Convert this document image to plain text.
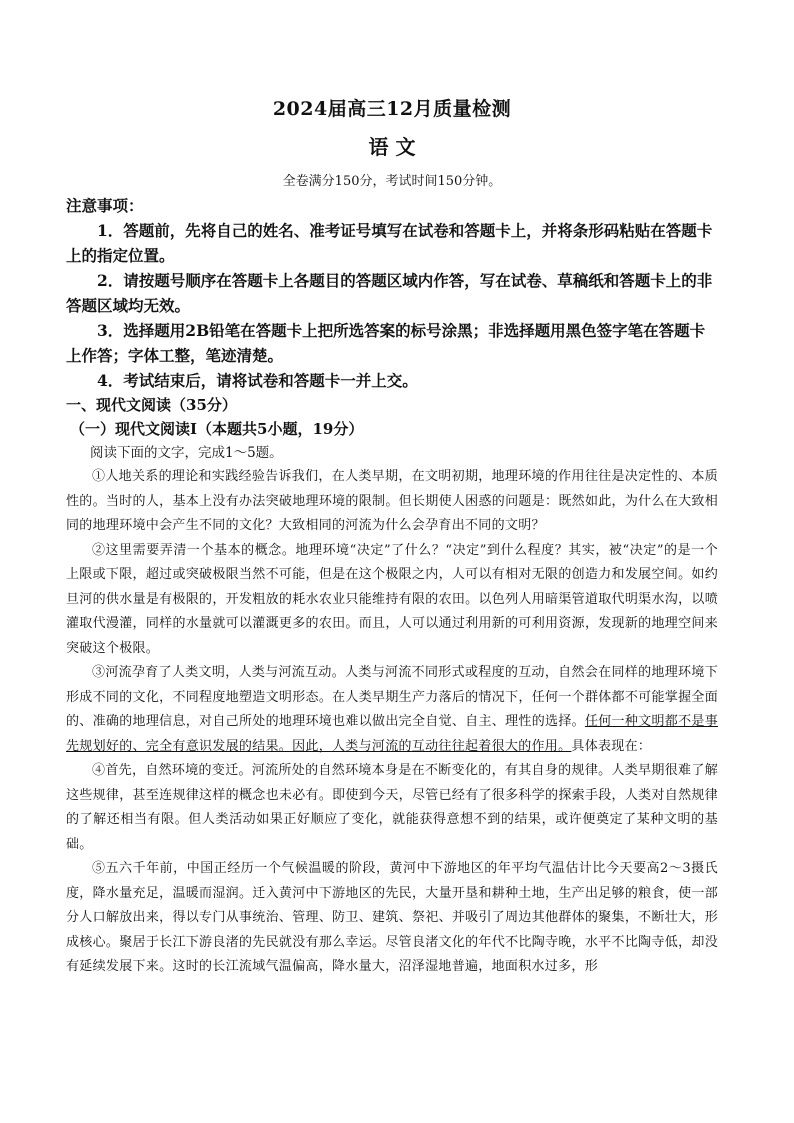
2024届高三12月质量检测
语 文
全卷满分150分，考试时间150分钟。

注意事项：

1．答题前，先将自己的姓名、准考证号填写在试卷和答题卡上，并将条形码粘贴在答题卡上的指定位置。

2．请按题号顺序在答题卡上各题目的答题区域内作答，写在试卷、草稿纸和答题卡上的非答题区域均无效。

3．选择题用2B铅笔在答题卡上把所选答案的标号涂黑；非选择题用黑色签字笔在答题卡上作答；字体工整，笔迹清楚。

4．考试结束后，请将试卷和答题卡一并上交。

一、现代文阅读（35分）

（一）现代文阅读Ⅰ（本题共5小题，19分）

阅读下面的文字，完成1～5题。

①人地关系的理论和实践经验告诉我们，在人类早期，在文明初期，地理环境的作用往往是决定性的、本质性的。当时的人，基本上没有办法突破地理环境的限制。但长期使人困惑的问题是：既然如此，为什么在大致相同的地理环境中会产生不同的文化？大致相同的河流为什么会孕育出不同的文明？

②这里需要弄清一个基本的概念。地理环境“决定”了什么？“决定”到什么程度？其实，被“决定”的是一个上限或下限，超过或突破极限当然不可能，但是在这个极限之内，人可以有相对无限的创造力和发展空间。如约旦河的供水量是有极限的，开发粗放的耗水农业只能维持有限的农田。以色列人用暗渠管道取代明渠水沟，以喷灌取代漫灌，同样的水量就可以灌溉更多的农田。而且，人可以通过利用新的可利用资源，发现新的地理空间来突破这个极限。

③河流孕育了人类文明，人类与河流互动。人类与河流不同形式或程度的互动，自然会在同样的地理环境下形成不同的文化，不同程度地塑造文明形态。在人类早期生产力落后的情况下，任何一个群体都不可能掌握全面的、准确的地理信息，对自己所处的地理环境也难以做出完全自觉、自主、理性的选择。任何一种文明都不是事先规划好的、完全有意识发展的结果。因此，人类与河流的互动往往起着很大的作用。具体表现在：

④首先，自然环境的变迁。河流所处的自然环境本身是在不断变化的，有其自身的规律。人类早期很难了解这些规律，甚至连规律这样的概念也未必有。即使到今天，尽管已经有了很多科学的探索手段，人类对自然规律的了解还相当有限。但人类活动如果正好顺应了变化，就能获得意想不到的结果，或许便奠定了某种文明的基础。

⑤五六千年前，中国正经历一个气候温暖的阶段，黄河中下游地区的年平均气温估计比今天要高2～3摄氏度，降水量充足，温暖而湿润。迁入黄河中下游地区的先民，大量开垦和耕种土地，生产出足够的粮食，使一部分人口解放出来，得以专门从事统治、管理、防卫、建筑、祭祀、并吸引了周边其他群体的聚集，不断壮大，形成核心。聚居于长江下游良渚的先民就没有那么幸运。尽管良渚文化的年代不比陶寺晚，水平不比陶寺低，却没有延续发展下来。这时的长江流域气温偏高，降水量大，沼泽湿地普遍，地面积水过多，形
